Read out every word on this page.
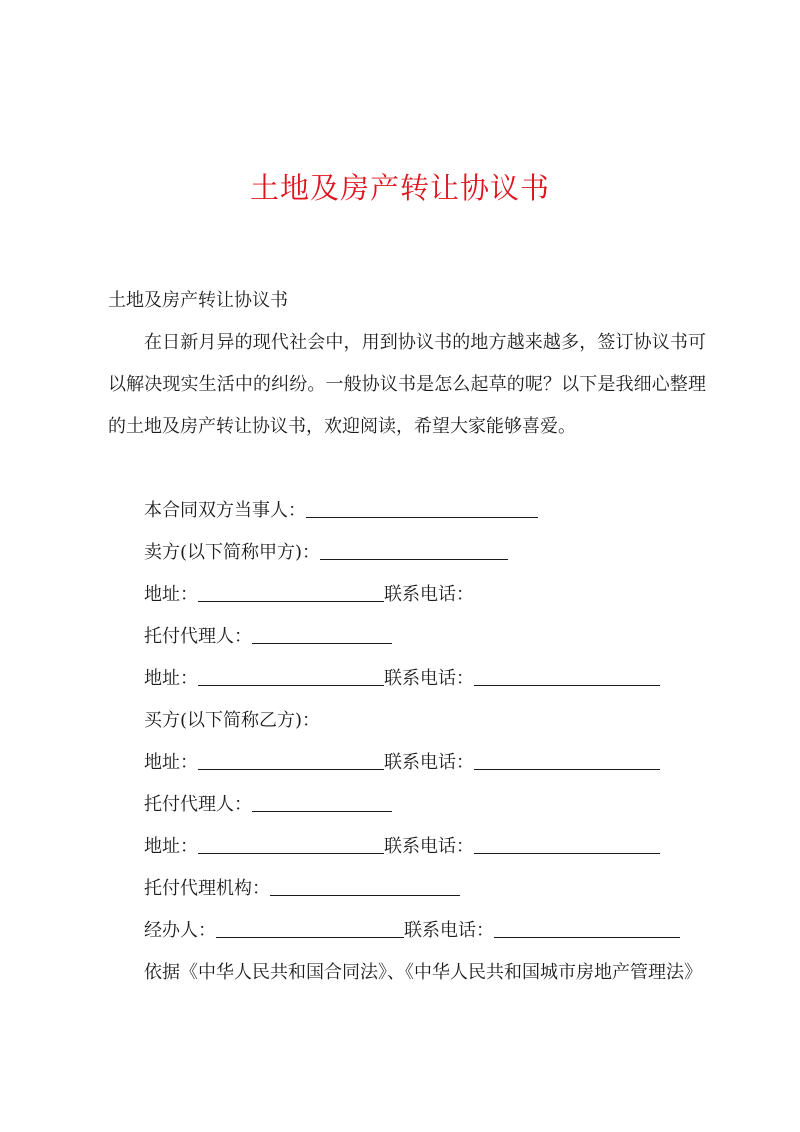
土地及房产转让协议书
土地及房产转让协议书
在日新月异的现代社会中，用到协议书的地方越来越多，签订协议书可以解决现实生活中的纠纷。一般协议书是怎么起草的呢？以下是我细心整理的土地及房产转让协议书，欢迎阅读，希望大家能够喜爱。
本合同双方当事人：
卖方(以下简称甲方)：
地址：	联系电话：
托付代理人：
地址：	联系电话：
买方(以下简称乙方)：
地址：	联系电话：
托付代理人：
地址：	联系电话：
托付代理机构：
经办人：	联系电话：
依据《中华人民共和国合同法》、《中华人民共和国城市房地产管理法》
